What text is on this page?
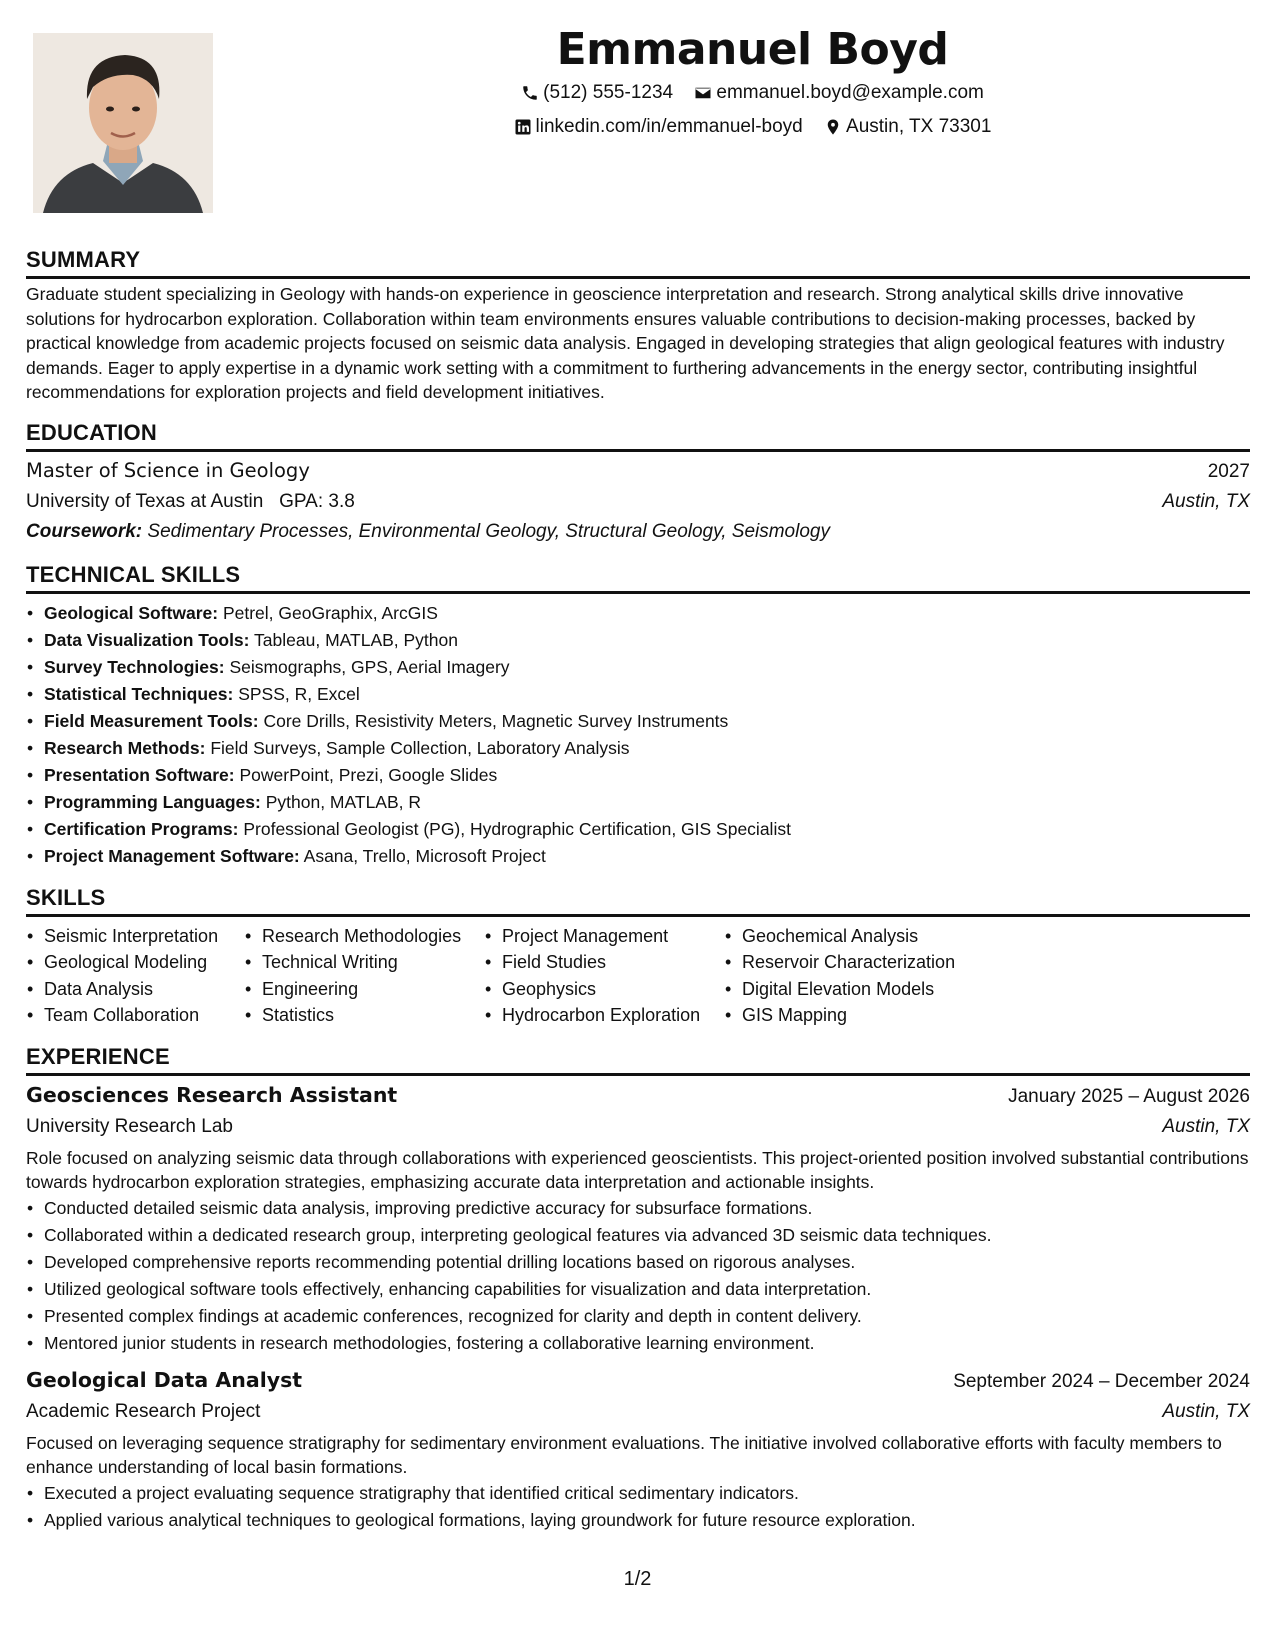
Emmanuel Boyd
(512) 555-1234
emmanuel.boyd@example.com
linkedin.com/in/emmanuel-boyd
Austin, TX 73301
SUMMARY

Graduate student specializing in Geology with hands-on experience in geoscience interpretation and research. Strong analytical skills drive innovative solutions for hydrocarbon exploration. Collaboration within team environments ensures valuable contributions to decision-making processes, backed by practical knowledge from academic projects focused on seismic data analysis. Engaged in developing strategies that align geological features with industry demands. Eager to apply expertise in a dynamic work setting with a commitment to furthering advancements in the energy sector, contributing insightful recommendations for exploration projects and field development initiatives.

EDUCATION
Master of Science in Geology	2027
University of Texas at Austin GPA: 3.8	Austin, TX
Coursework: Sedimentary Processes, Environmental Geology, Structural Geology, Seismology
TECHNICAL SKILLS
• Geological Software: Petrel, GeoGraphix, ArcGIS
• Data Visualization Tools: Tableau, MATLAB, Python
• Survey Technologies: Seismographs, GPS, Aerial Imagery
• Statistical Techniques: SPSS, R, Excel
• Field Measurement Tools: Core Drills, Resistivity Meters, Magnetic Survey Instruments
• Research Methods: Field Surveys, Sample Collection, Laboratory Analysis
• Presentation Software: PowerPoint, Prezi, Google Slides
• Programming Languages: Python, MATLAB, R
• Certification Programs: Professional Geologist (PG), Hydrographic Certification, GIS Specialist
• Project Management Software: Asana, Trello, Microsoft Project
SKILLS
• Seismic Interpretation
• Geological Modeling
• Data Analysis
• Team Collaboration
• Research Methodologies
• Technical Writing
• Engineering
• Statistics
• Project Management
• Field Studies
• Geophysics
• Hydrocarbon Exploration
• Geochemical Analysis
• Reservoir Characterization
• Digital Elevation Models
• GIS Mapping
EXPERIENCE
Geosciences Research Assistant	January 2025 – August 2026
University Research Lab	Austin, TX

Role focused on analyzing seismic data through collaborations with experienced geoscientists. This project-oriented position involved substantial contributions towards hydrocarbon exploration strategies, emphasizing accurate data interpretation and actionable insights.

• Conducted detailed seismic data analysis, improving predictive accuracy for subsurface formations.
• Collaborated within a dedicated research group, interpreting geological features via advanced 3D seismic data techniques.
• Developed comprehensive reports recommending potential drilling locations based on rigorous analyses.
• Utilized geological software tools effectively, enhancing capabilities for visualization and data interpretation.
• Presented complex findings at academic conferences, recognized for clarity and depth in content delivery.
• Mentored junior students in research methodologies, fostering a collaborative learning environment.
Geological Data Analyst	September 2024 – December 2024
Academic Research Project	Austin, TX

Focused on leveraging sequence stratigraphy for sedimentary environment evaluations. The initiative involved collaborative efforts with faculty members to enhance understanding of local basin formations.

• Executed a project evaluating sequence stratigraphy that identified critical sedimentary indicators.
• Applied various analytical techniques to geological formations, laying groundwork for future resource exploration.
1/2
